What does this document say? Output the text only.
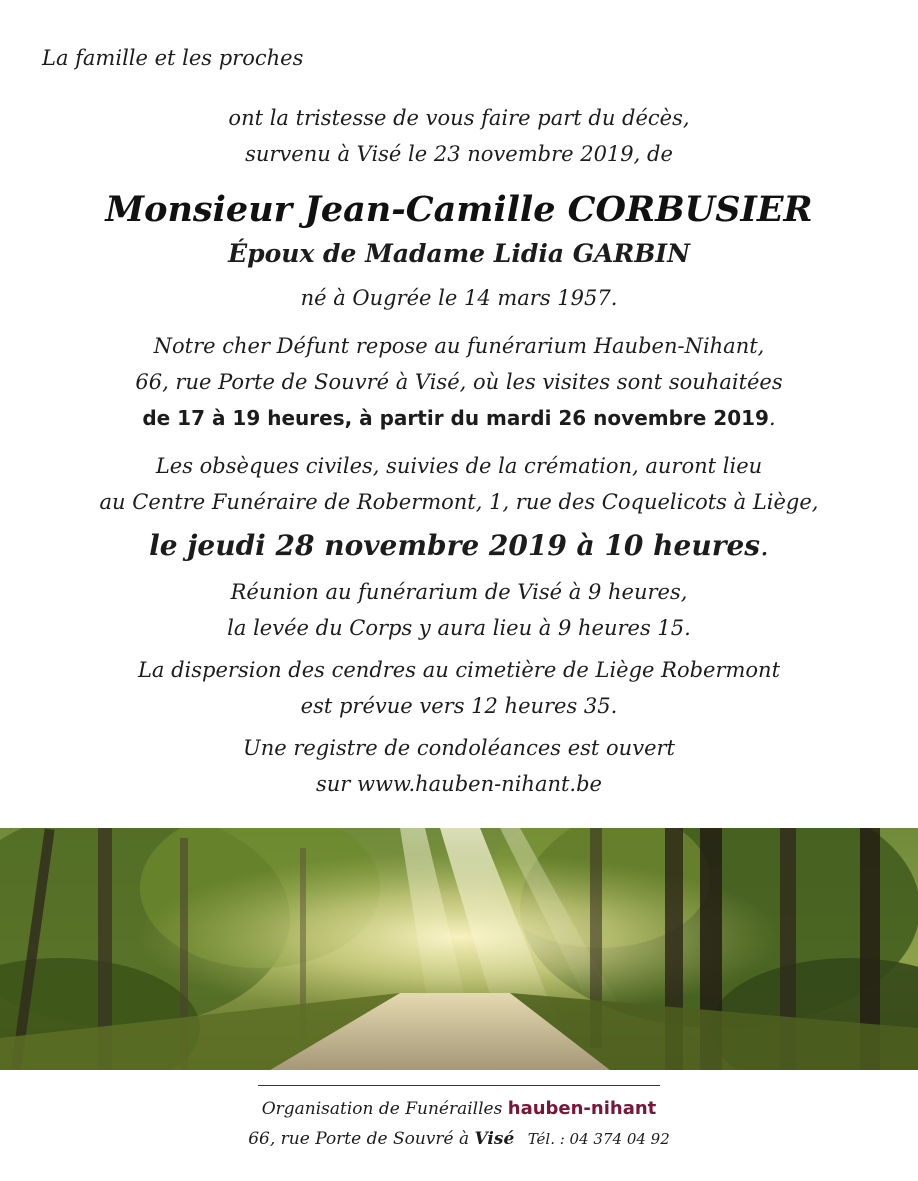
La famille et les proches

ont la tristesse de vous faire part du décès,

survenu à Visé le 23 novembre 2019, de

Monsieur Jean-Camille CORBUSIER

Époux de Madame Lidia GARBIN

né à Ougrée le 14 mars 1957.

Notre cher Défunt repose au funérarium Hauben-Nihant,

66, rue Porte de Souvré à Visé, où les visites sont souhaitées

de 17 à 19 heures, à partir du mardi 26 novembre 2019.

Les obsèques civiles, suivies de la crémation, auront lieu

au Centre Funéraire de Robermont, 1, rue des Coquelicots à Liège,

le jeudi 28 novembre 2019 à 10 heures.

Réunion au funérarium de Visé à 9 heures,

la levée du Corps y aura lieu à 9 heures 15.

La dispersion des cendres au cimetière de Liège Robermont

est prévue vers 12 heures 35.

Une registre de condoléances est ouvert

sur www.hauben-nihant.be

Organisation de Funérailles hauben-nihant

66, rue Porte de Souvré à Visé Tél. : 04 374 04 92
